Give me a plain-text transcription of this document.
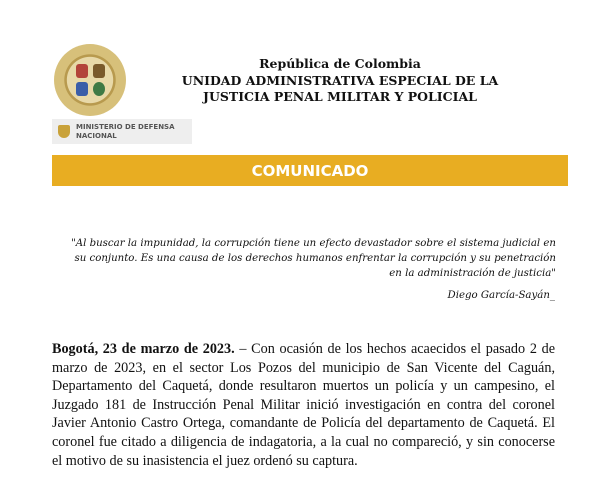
República de Colombia
UNIDAD ADMINISTRATIVA ESPECIAL DE LA
JUSTICIA PENAL MILITAR Y POLICIAL
MINISTERIO DE DEFENSA
NACIONAL
COMUNICADO
"Al buscar la impunidad, la corrupción tiene un efecto devastador sobre el sistema judicial en su conjunto. Es una causa de los derechos humanos enfrentar la corrupción y su penetración en la administración de justicia"
Diego García-Sayán_
Bogotá, 23 de marzo de 2023. – Con ocasión de los hechos acaecidos el pasado 2 de marzo de 2023, en el sector Los Pozos del municipio de San Vicente del Caguán, Departamento del Caquetá, donde resultaron muertos un policía y un campesino, el Juzgado 181 de Instrucción Penal Militar inició investigación en contra del coronel Javier Antonio Castro Ortega, comandante de Policía del departamento de Caquetá. El coronel fue citado a diligencia de indagatoria, a la cual no compareció, y sin conocerse el motivo de su inasistencia el juez ordenó su captura.
